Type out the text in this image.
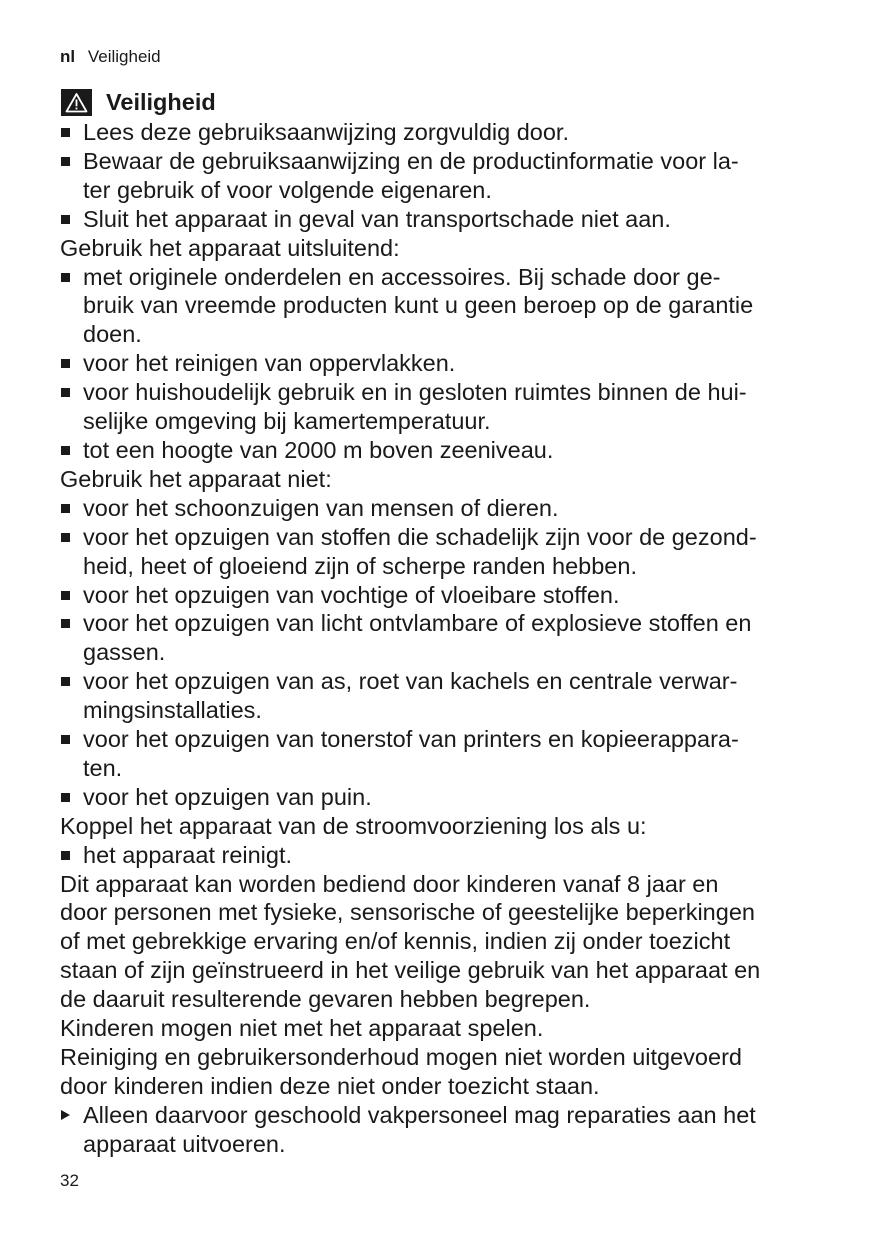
nl Veiligheid
Veiligheid
Lees deze gebruiksaanwijzing zorgvuldig door.
Bewaar de gebruiksaanwijzing en de productinformatie voor la-
ter gebruik of voor volgende eigenaren.
Sluit het apparaat in geval van transportschade niet aan.
Gebruik het apparaat uitsluitend:
met originele onderdelen en accessoires. Bij schade door ge-
bruik van vreemde producten kunt u geen beroep op de garantie
doen.
voor het reinigen van oppervlakken.
voor huishoudelijk gebruik en in gesloten ruimtes binnen de hui-
selijke omgeving bij kamertemperatuur.
tot een hoogte van 2000 m boven zeeniveau.
Gebruik het apparaat niet:
voor het schoonzuigen van mensen of dieren.
voor het opzuigen van stoffen die schadelijk zijn voor de gezond-
heid, heet of gloeiend zijn of scherpe randen hebben.
voor het opzuigen van vochtige of vloeibare stoffen.
voor het opzuigen van licht ontvlambare of explosieve stoffen en
gassen.
voor het opzuigen van as, roet van kachels en centrale verwar-
mingsinstallaties.
voor het opzuigen van tonerstof van printers en kopieerappara-
ten.
voor het opzuigen van puin.
Koppel het apparaat van de stroomvoorziening los als u:
het apparaat reinigt.
Dit apparaat kan worden bediend door kinderen vanaf 8 jaar en
door personen met fysieke, sensorische of geestelijke beperkingen
of met gebrekkige ervaring en/of kennis, indien zij onder toezicht
staan of zijn geïnstrueerd in het veilige gebruik van het apparaat en
de daaruit resulterende gevaren hebben begrepen.
Kinderen mogen niet met het apparaat spelen.
Reiniging en gebruikersonderhoud mogen niet worden uitgevoerd
door kinderen indien deze niet onder toezicht staan.
Alleen daarvoor geschoold vakpersoneel mag reparaties aan het
apparaat uitvoeren.
32
